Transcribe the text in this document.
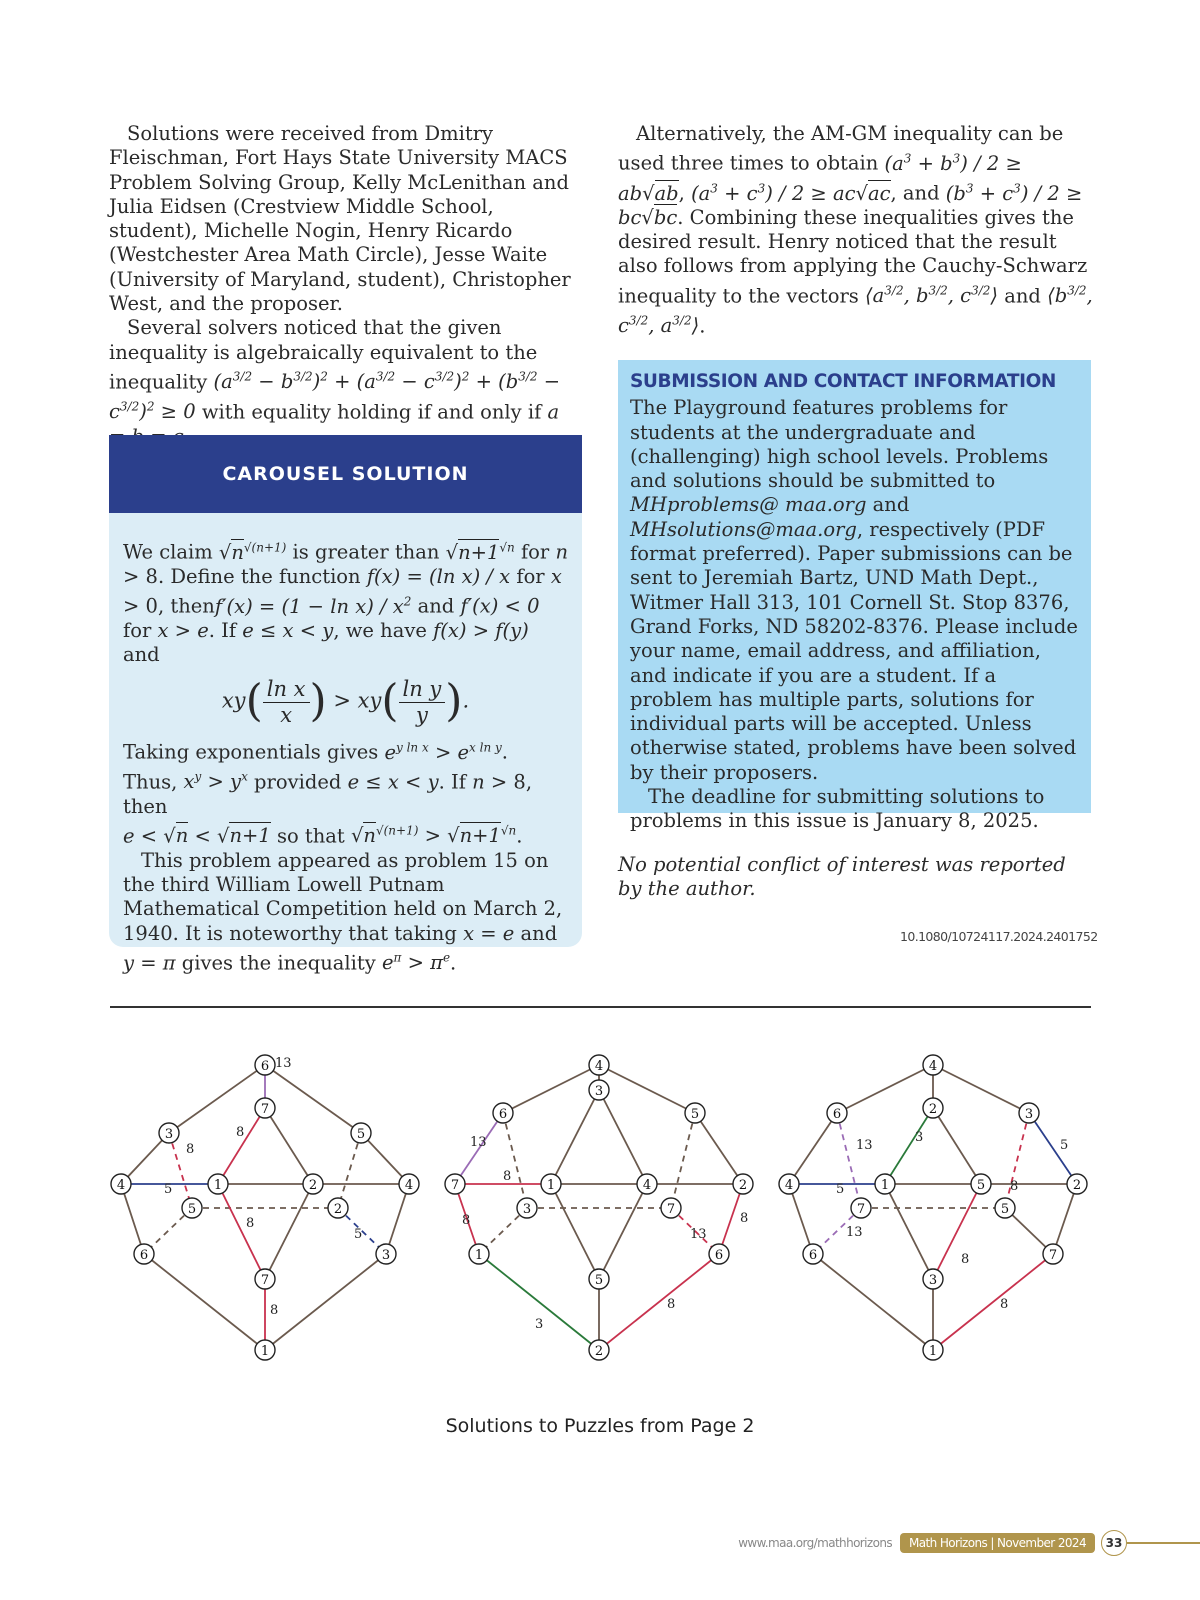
Solutions were received from Dmitry Fleischman, Fort Hays State University MACS Problem Solving Group, Kelly McLenithan and Julia Eidsen (Crestview Middle School, student), Michelle Nogin, Henry Ricardo (Westchester Area Math Circle), Jesse Waite (University of Maryland, student), Christopher West, and the proposer.

Several solvers noticed that the given inequality is algebraically equivalent to the inequality $(a^{3/2} - b^{3/2})^2 + (a^{3/2} - c^{3/2})^2 + (b^{3/2} - c^{3/2})^2 \ge 0$ with equality holding if and only if a

CAROUSEL SOLUTION

We claim $√n^{√(n+1)}$ is greater than $√n+1^{√n}$ for n > 8. Define the function f(x) = (ln x) / x for x > 0, thenf′(x) = $(1 - \ln x) / x^2$ and f′(x) < 0 for x > e. If e ≤ x < y, we have f(x) > f(y) and

$xy( \frac{\text{ln x}}{x}$ ) > $xy( \frac{\text{ln y}}{y}$ ).

Taking exponentials gives $e^{y ln x} > e^{x ln y}$.
Thus, $x^y > y^x$ provided e ≤ x < y. If n > 8, then
e < √n < √n+1 so that $√n^{√(n+1)} > √n+1^{√n}$.

This problem appeared as problem 15 on the third William Lowell Putnam Mathematical Competition held on March 2, 1940. It is noteworthy that taking x = e and y = π gives the inequality $e^\pi > \pi^e$.

Alternatively, the AM-GM inequality can be used three times to obtain $(a^3 + b^3) / 2 \ge ab√ab$, $(a^3 + c^3) / 2 \ge ac√ac$, and $(b^3 + c^3) / 2 \ge bc√bc$. Combining these inequalities gives the desired result. Henry noticed that the result also follows from applying the Cauchy-Schwarz inequality to the vectors $⟨a^{3/2}$, $b^{3/2}$, $c^{3/2}⟩$ and $⟨b^{3/2}$, $c^{3/2}$, $a^{3/2}⟩$.

SUBMISSION AND CONTACT INFORMATION

The Playground features problems for students at the undergraduate and (challenging) high school levels. Problems and solutions should be submitted to MHproblems@ maa.org and MHsolutions@maa.org, respectively (PDF format preferred). Paper submissions can be sent to Jeremiah Bartz, UND Math Dept., Witmer Hall 313, 101 Cornell St. Stop 8376, Grand Forks, ND 58202-8376. Please include your name, email address, and affiliation, and indicate if you are a student. If a problem has multiple parts, solutions for individual parts will be accepted. Unless otherwise stated, problems have been solved by their proposers.

The deadline for submitting solutions to problems in this issue is January 8, 2025.

No potential conflict of interest was reported by the author.
10.1080/10724117.2024.2401752
6
7
3	5
4	1	2	4
5	2
6	3
7
1
13
8
8
5
8
5
8
4
3
6	5
7	1	4	2
3	7
1	6
5
2
13
8
8
13
8
3
8
4
2
6	3
4	1	5	2
7	5
6	7
3
1
13
3
5
5	8
13
8
8
Solutions to Puzzles from Page 2
www.maa.org/mathhorizons	Math Horizons | November 2024	33
